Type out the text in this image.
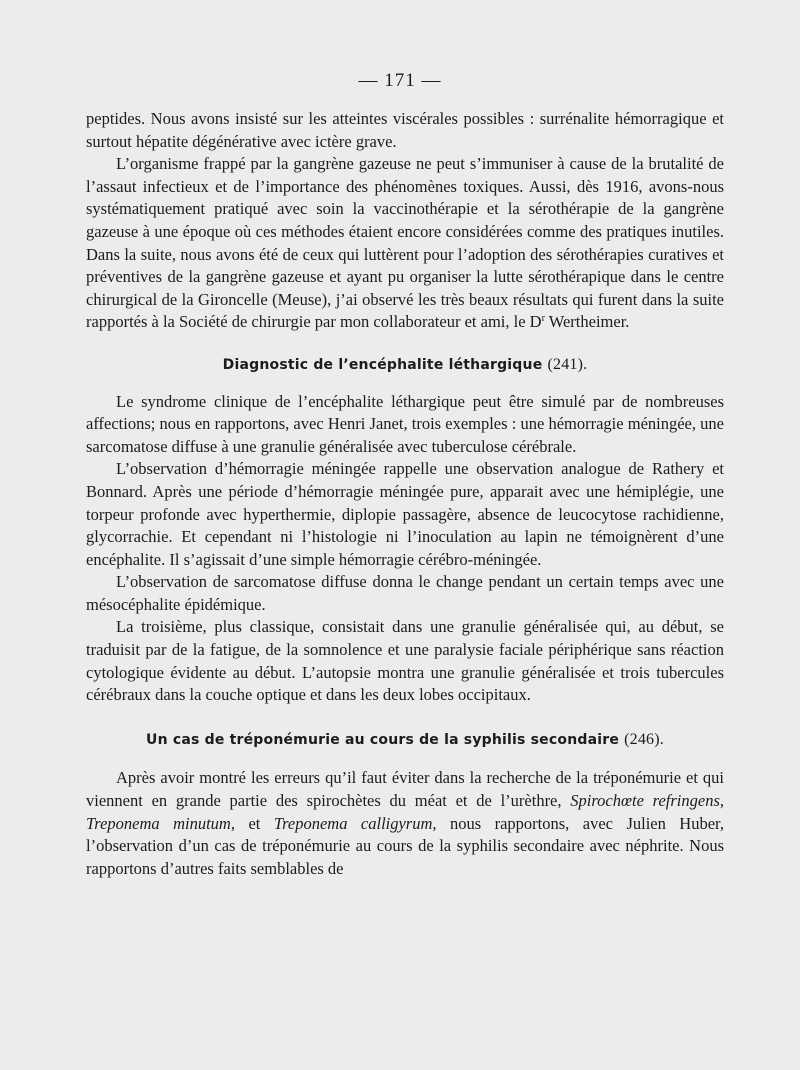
— 171 —

peptides. Nous avons insisté sur les atteintes viscérales possibles : surrénalite hémorragique et surtout hépatite dégénérative avec ictère grave.

L’organisme frappé par la gangrène gazeuse ne peut s’immuniser à cause de la brutalité de l’assaut infectieux et de l’importance des phénomènes toxiques. Aussi, dès 1916, avons-nous systématiquement pratiqué avec soin la vaccinothérapie et la sérothérapie de la gangrène gazeuse à une époque où ces méthodes étaient encore considérées comme des pratiques inutiles. Dans la suite, nous avons été de ceux qui luttèrent pour l’adoption des sérothérapies curatives et préventives de la gangrène gazeuse et ayant pu organiser la lutte sérothérapique dans le centre chirurgical de la Gironcelle (Meuse), j’ai observé les très beaux résultats qui furent dans la suite rapportés à la Société de chirurgie par mon collaborateur et ami, le $D^r$ Wertheimer.

Diagnostic de l’encéphalite léthargique (241).

Le syndrome clinique de l’encéphalite léthargique peut être simulé par de nombreuses affections; nous en rapportons, avec Henri Janet, trois exemples : une hémorragie méningée, une sarcomatose diffuse à une granulie généralisée avec tuberculose cérébrale.

L’observation d’hémorragie méningée rappelle une observation analogue de Rathery et Bonnard. Après une période d’hémorragie méningée pure, apparait avec une hémiplégie, une torpeur profonde avec hyperthermie, diplopie passagère, absence de leucocytose rachidienne, glycorrachie. Et cependant ni l’histologie ni l’inoculation au lapin ne témoignèrent d’une encéphalite. Il s’agissait d’une simple hémorragie cérébro-méningée.

L’observation de sarcomatose diffuse donna le change pendant un certain temps avec une mésocéphalite épidémique.

La troisième, plus classique, consistait dans une granulie généralisée qui, au début, se traduisit par de la fatigue, de la somnolence et une paralysie faciale périphérique sans réaction cytologique évidente au début. L’autopsie montra une granulie généralisée et trois tubercules cérébraux dans la couche optique et dans les deux lobes occipitaux.

Un cas de tréponémurie au cours de la syphilis secondaire (246).

Après avoir montré les erreurs qu’il faut éviter dans la recherche de la tréponémurie et qui viennent en grande partie des spirochètes du méat et de l’urèthre, Spirochœte refringens, Treponema minutum, et Treponema calligyrum, nous rapportons, avec Julien Huber, l’observation d’un cas de tréponémurie au cours de la syphilis secondaire avec néphrite. Nous rapportons d’autres faits semblables de
